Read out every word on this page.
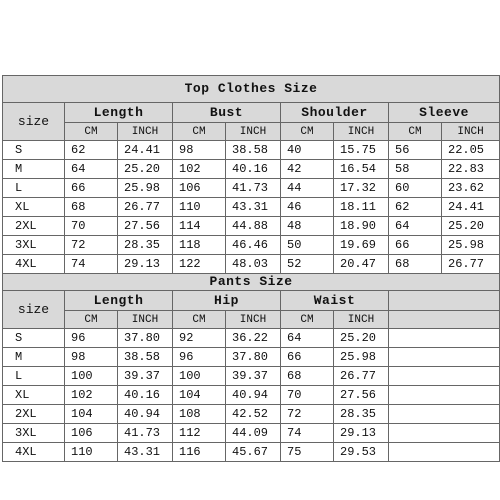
Top Clothes Size								
size	Length		Bust		Shoulder		Sleeve	
	CM	INCH	CM	INCH	CM	INCH	CM	INCH
S	62	24.41	98	38.58	40	15.75	56	22.05
M	64	25.20	102	40.16	42	16.54	58	22.83
L	66	25.98	106	41.73	44	17.32	60	23.62
XL	68	26.77	110	43.31	46	18.11	62	24.41
2XL	70	27.56	114	44.88	48	18.90	64	25.20
3XL	72	28.35	118	46.46	50	19.69	66	25.98
4XL	74	29.13	122	48.03	52	20.47	68	26.77
Pants Size								
size	Length		Hip		Waist			
	CM	INCH	CM	INCH	CM	INCH		
S	96	37.80	92	36.22	64	25.20		
M	98	38.58	96	37.80	66	25.98		
L	100	39.37	100	39.37	68	26.77		
XL	102	40.16	104	40.94	70	27.56		
2XL	104	40.94	108	42.52	72	28.35		
3XL	106	41.73	112	44.09	74	29.13		
4XL	110	43.31	116	45.67	75	29.53		
